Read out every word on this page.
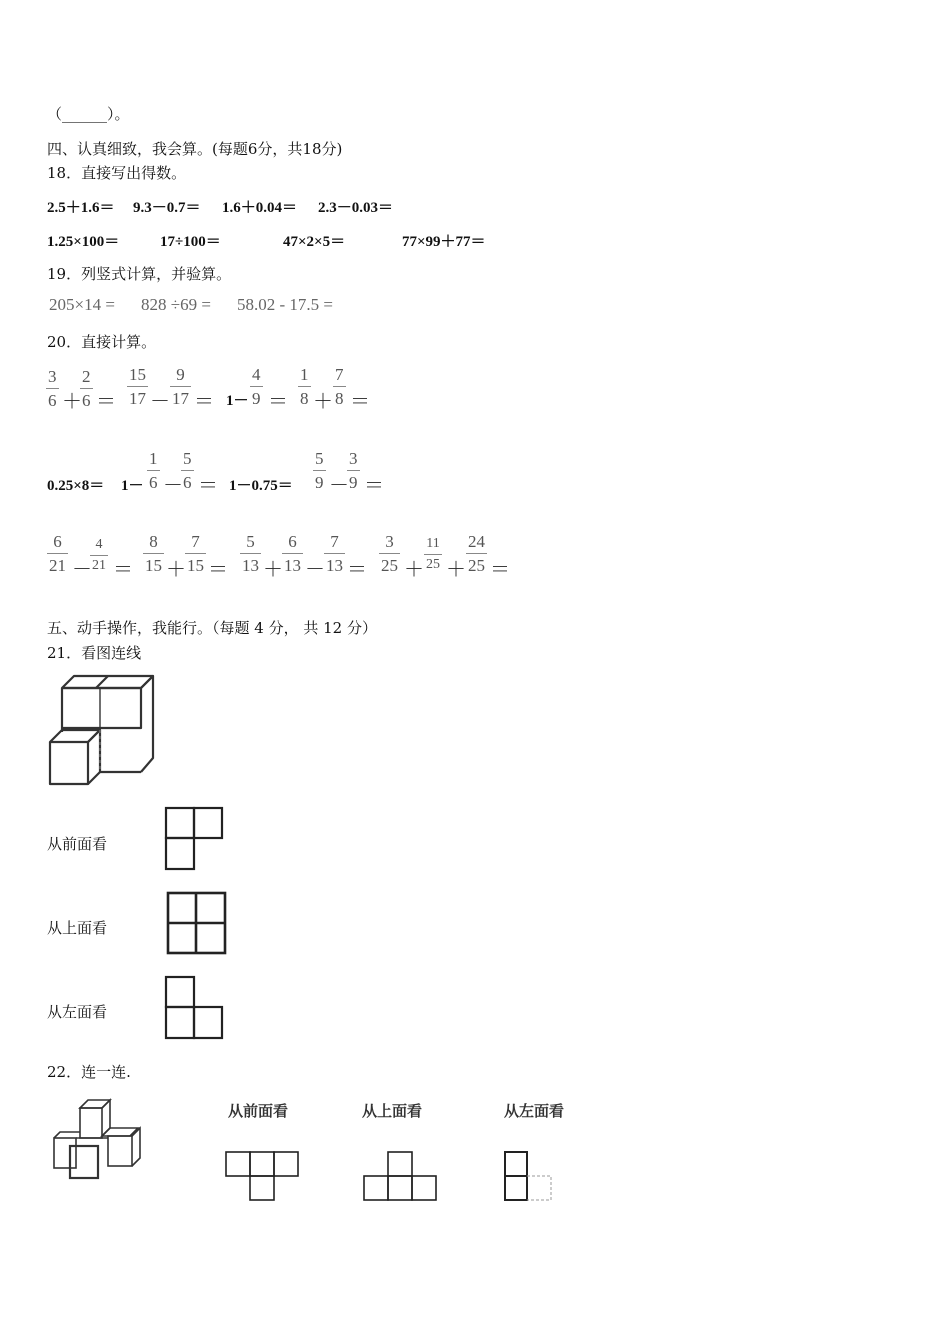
（______）。
四、认真细致，我会算。(每题6分，共18分)
18．直接写出得数。
2.5＋1.6＝ 9.3－0.7＝ 1.6＋0.04＝ 2.3－0.03＝
1.25×100＝	17÷100＝	47×2×5＝	77×99＋77＝
19．列竖式计算，并验算。
205×14 = 828 ÷69 = 58.02 - 17.5 =
20．直接计算。
$\frac{3}{6}$ ＋
$\frac{2}{6} = \frac{15}{17} - \frac{9}{17} = 1- \frac{4}{9} = \frac{1}{8} + \frac{7}{8}$ ＝
$0.25\times 8= 1- \frac{1}{6}$ －
$\frac{5}{6} = 1-0.75= \frac{5}{9}$ －
$\frac{3}{9}$ ＝
$\frac{6}{21}$ －
$\frac{4}{21} = \frac{8}{15} + \frac{7}{15} = \frac{5}{13} + \frac{6}{13} - \frac{7}{13} = \frac{3}{25} + \frac{11}{25} + \frac{24}{25}$ ＝
五、动手操作，我能行。（每题 4 分， 共 12 分）
21．看图连线
从前面看
从上面看
从左面看
22．连一连.
从前面看	从上面看	从左面看
